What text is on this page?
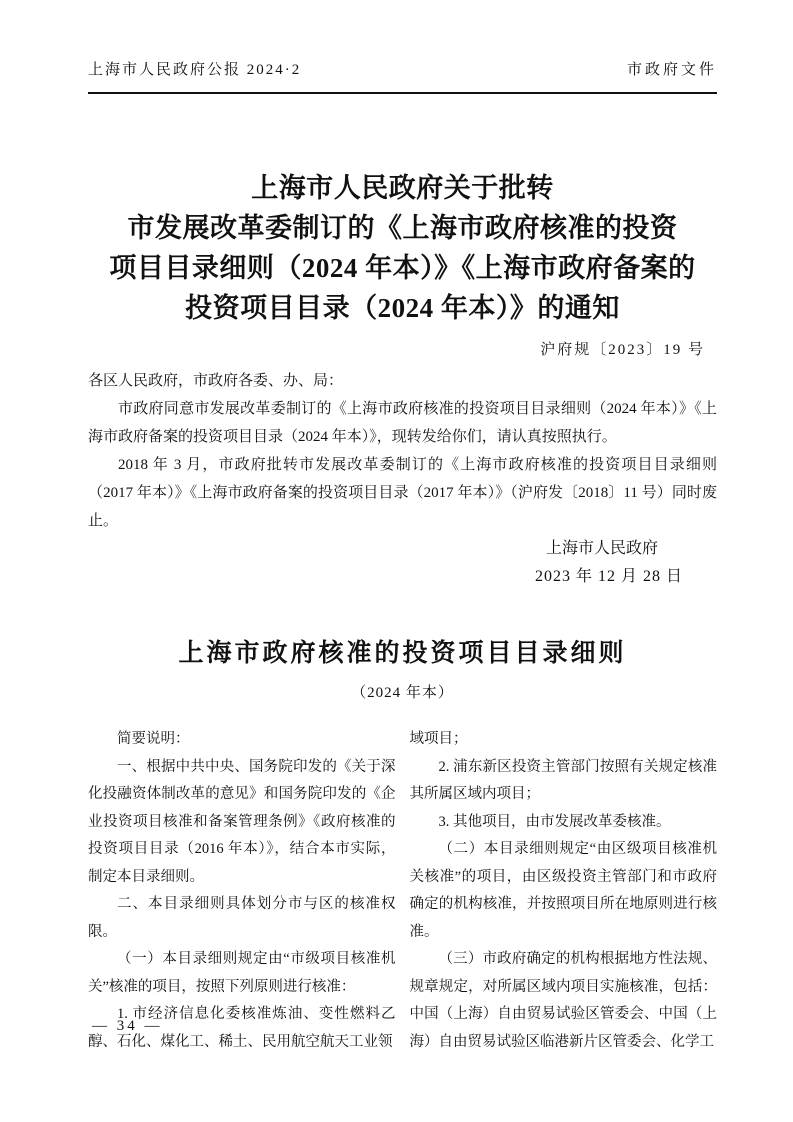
上海市人民政府公报 2024·2	市政府文件
上海市人民政府关于批转
市发展改革委制订的《上海市政府核准的投资
项目目录细则（2024 年本）》《上海市政府备案的
投资项目目录（2024 年本）》的通知
沪府规〔2023〕19 号

各区人民政府，市政府各委、办、局：

市政府同意市发展改革委制订的《上海市政府核准的投资项目目录细则（2024 年本）》《上海市政府备案的投资项目目录（2024 年本）》，现转发给你们，请认真按照执行。

2018 年 3 月，市政府批转市发展改革委制订的《上海市政府核准的投资项目目录细则（2017 年本）》《上海市政府备案的投资项目目录（2017 年本）》（沪府发〔2018〕11 号）同时废止。

上海市人民政府
2023 年 12 月 28 日
上海市政府核准的投资项目目录细则
（2024 年本）

简要说明：

一、根据中共中央、国务院印发的《关于深化投融资体制改革的意见》和国务院印发的《企业投资项目核准和备案管理条例》《政府核准的投资项目目录（2016 年本）》，结合本市实际，制定本目录细则。

二、本目录细则具体划分市与区的核准权限。

（一）本目录细则规定由“市级项目核准机关”核准的项目，按照下列原则进行核准：

1. 市经济信息化委核准炼油、变性燃料乙醇、石化、煤化工、稀土、民用航空航天工业领

域项目；

2. 浦东新区投资主管部门按照有关规定核准其所属区域内项目；

3. 其他项目，由市发展改革委核准。

（二）本目录细则规定“由区级项目核准机关核准”的项目，由区级投资主管部门和市政府确定的机构核准，并按照项目所在地原则进行核准。

（三）市政府确定的机构根据地方性法规、规章规定，对所属区域内项目实施核准，包括：中国（上海）自由贸易试验区管委会、中国（上海）自由贸易试验区临港新片区管委会、化学工

— 34 —
